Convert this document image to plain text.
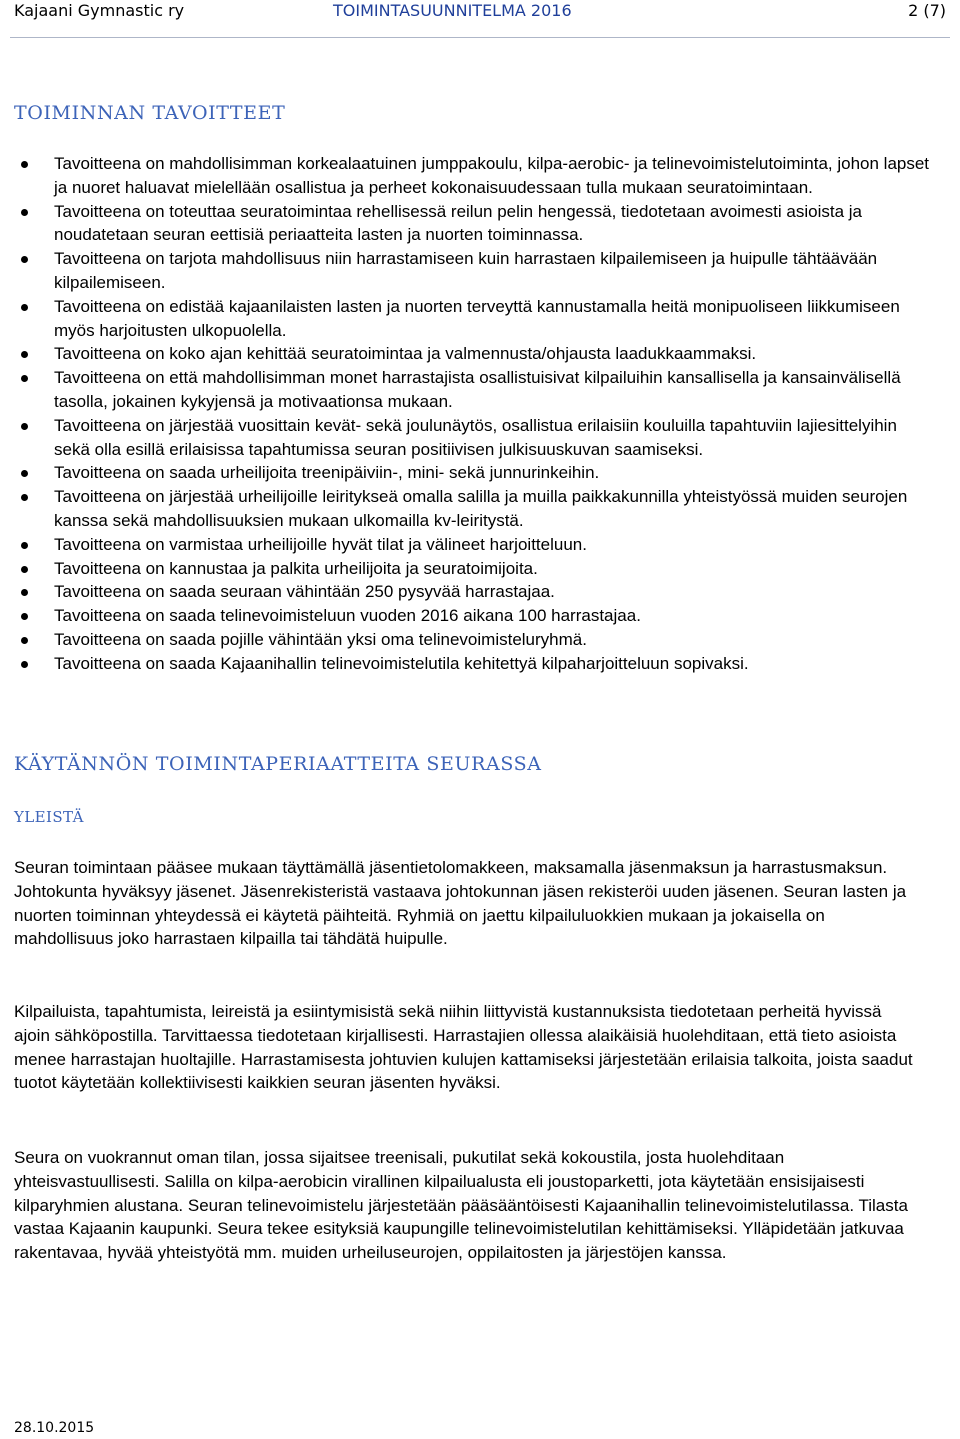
Kajaani Gymnastic ry	TOIMINTASUUNNITELMA 2016	2 (7)
TOIMINNAN TAVOITTEET
Tavoitteena on mahdollisimman korkealaatuinen jumppakoulu, kilpa-aerobic- ja telinevoimistelutoiminta, johon lapset ja nuoret haluavat mielellään osallistua ja perheet kokonaisuudessaan tulla mukaan seuratoimintaan.
Tavoitteena on toteuttaa seuratoimintaa rehellisessä reilun pelin hengessä, tiedotetaan avoimesti asioista ja noudatetaan seuran eettisiä periaatteita lasten ja nuorten toiminnassa.
Tavoitteena on tarjota mahdollisuus niin harrastamiseen kuin harrastaen kilpailemiseen ja huipulle tähtäävään kilpailemiseen.
Tavoitteena on edistää kajaanilaisten lasten ja nuorten terveyttä kannustamalla heitä monipuoliseen liikkumiseen myös harjoitusten ulkopuolella.
Tavoitteena on koko ajan kehittää seuratoimintaa ja valmennusta/ohjausta laadukkaammaksi.
Tavoitteena on että mahdollisimman monet harrastajista osallistuisivat kilpailuihin kansallisella ja kansainvälisellä tasolla, jokainen kykyjensä ja motivaationsa mukaan.
Tavoitteena on järjestää vuosittain kevät- sekä joulunäytös, osallistua erilaisiin kouluilla tapahtuviin lajiesittelyihin sekä olla esillä erilaisissa tapahtumissa seuran positiivisen julkisuuskuvan saamiseksi.
Tavoitteena on saada urheilijoita treenipäiviin-, mini- sekä junnurinkeihin.
Tavoitteena on järjestää urheilijoille leiritykseä omalla salilla ja muilla paikkakunnilla yhteistyössä muiden seurojen kanssa sekä mahdollisuuksien mukaan ulkomailla kv-leiritystä.
Tavoitteena on varmistaa urheilijoille hyvät tilat ja välineet harjoitteluun.
Tavoitteena on kannustaa ja palkita urheilijoita ja seuratoimijoita.
Tavoitteena on saada seuraan vähintään 250 pysyvää harrastajaa.
Tavoitteena on saada telinevoimisteluun vuoden 2016 aikana 100 harrastajaa.
Tavoitteena on saada pojille vähintään yksi oma telinevoimisteluryhmä.
Tavoitteena on saada Kajaanihallin telinevoimistelutila kehitettyä kilpaharjoitteluun sopivaksi.
KÄYTÄNNÖN TOIMINTAPERIAATTEITA SEURASSA
YLEISTÄ

Seuran toimintaan pääsee mukaan täyttämällä jäsentietolomakkeen, maksamalla jäsenmaksun ja harrastusmaksun. Johtokunta hyväksyy jäsenet. Jäsenrekisteristä vastaava johtokunnan jäsen rekisteröi uuden jäsenen. Seuran lasten ja nuorten toiminnan yhteydessä ei käytetä päihteitä. Ryhmiä on jaettu kilpailuluokkien mukaan ja jokaisella on mahdollisuus joko harrastaen kilpailla tai tähdätä huipulle.

Kilpailuista, tapahtumista, leireistä ja esiintymisistä sekä niihin liittyvistä kustannuksista tiedotetaan perheitä hyvissä ajoin sähköpostilla. Tarvittaessa tiedotetaan kirjallisesti. Harrastajien ollessa alaikäisiä huolehditaan, että tieto asioista menee harrastajan huoltajille. Harrastamisesta johtuvien kulujen kattamiseksi järjestetään erilaisia talkoita, joista saadut tuotot käytetään kollektiivisesti kaikkien seuran jäsenten hyväksi.

Seura on vuokrannut oman tilan, jossa sijaitsee treenisali, pukutilat sekä kokoustila, josta huolehditaan yhteisvastuullisesti. Salilla on kilpa-aerobicin virallinen kilpailualusta eli joustoparketti, jota käytetään ensisijaisesti kilparyhmien alustana. Seuran telinevoimistelu järjestetään pääsääntöisesti Kajaanihallin telinevoimistelutilassa. Tilasta vastaa Kajaanin kaupunki. Seura tekee esityksiä kaupungille telinevoimistelutilan kehittämiseksi. Ylläpidetään jatkuvaa rakentavaa, hyvää yhteistyötä mm. muiden urheiluseurojen, oppilaitosten ja järjestöjen kanssa.

28.10.2015
